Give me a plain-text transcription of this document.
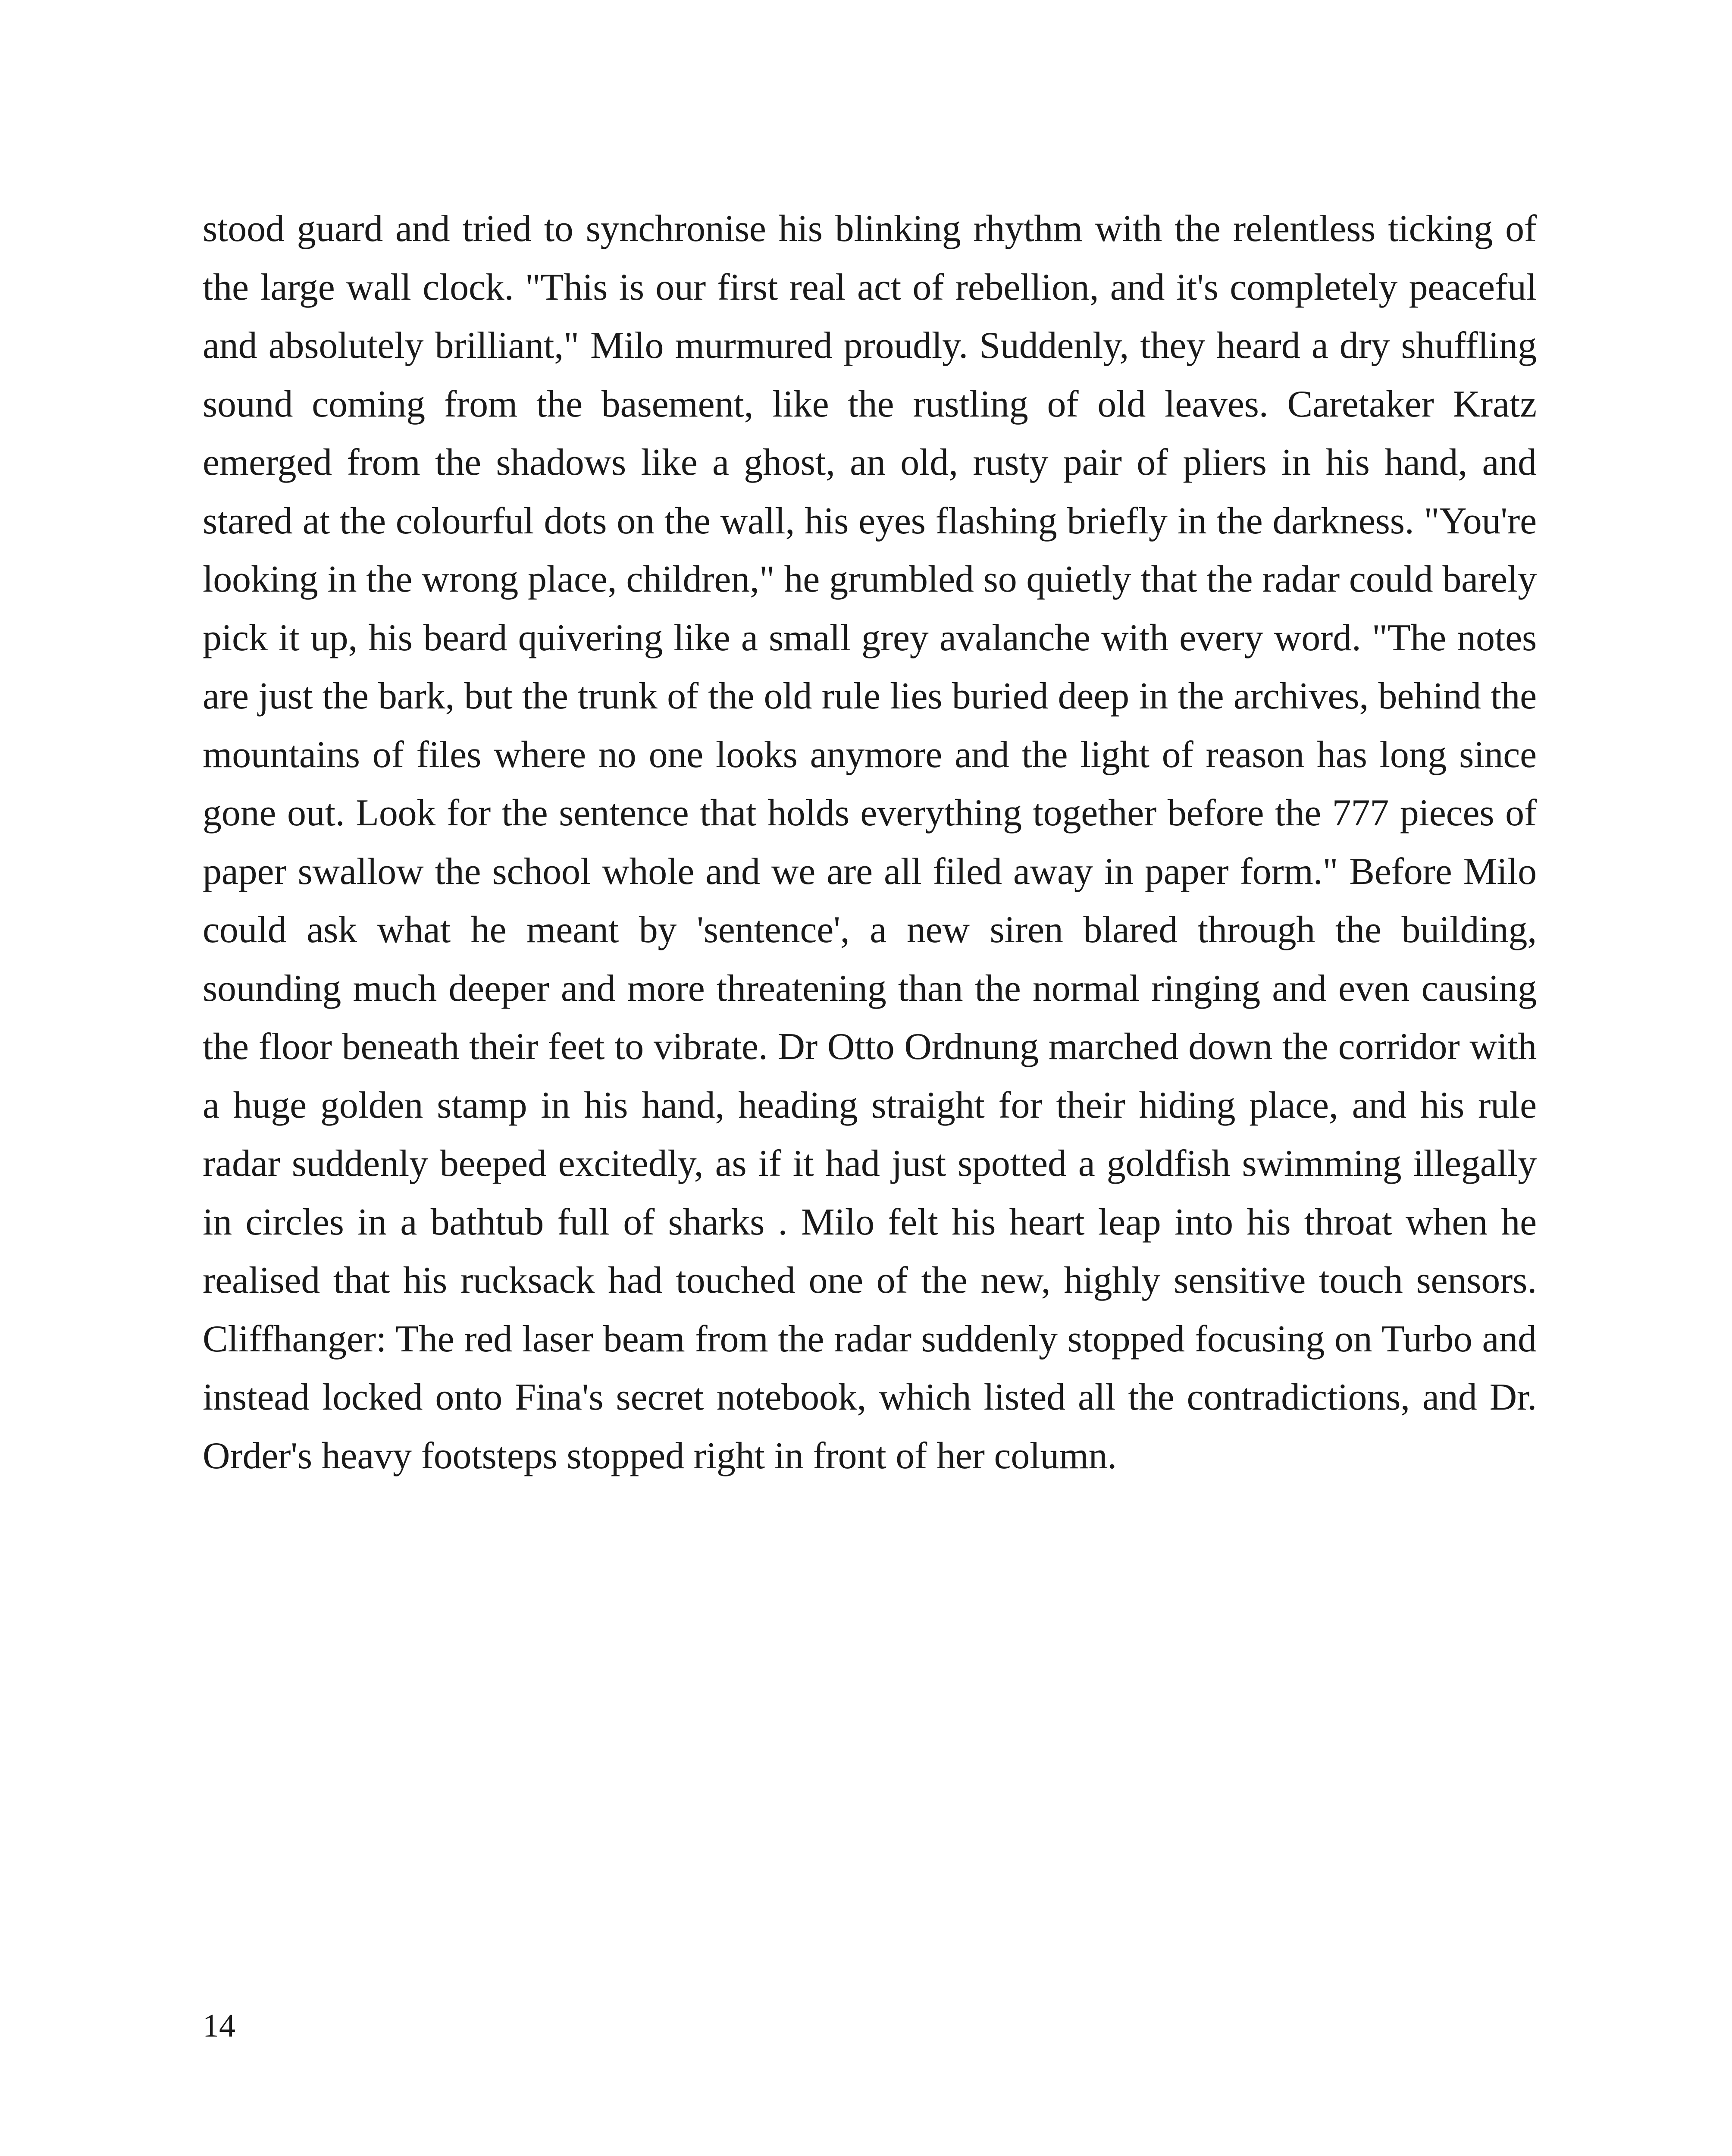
stood guard and tried to synchronise his blinking rhythm with the relentless ticking of the large wall clock. "This is our first real act of rebellion, and it's completely peaceful and absolutely brilliant," Milo murmured proudly. Suddenly, they heard a dry shuffling sound coming from the basement, like the rustling of old leaves. Caretaker Kratz emerged from the shadows like a ghost, an old, rusty pair of pliers in his hand, and stared at the colourful dots on the wall, his eyes flashing briefly in the darkness. "You're looking in the wrong place, children," he grumbled so quietly that the radar could barely pick it up, his beard quivering like a small grey avalanche with every word. "The notes are just the bark, but the trunk of the old rule lies buried deep in the archives, behind the mountains of files where no one looks anymore and the light of reason has long since gone out. Look for the sentence that holds everything together before the 777 pieces of paper swallow the school whole and we are all filed away in paper form." Before Milo could ask what he meant by 'sentence', a new siren blared through the building, sounding much deeper and more threatening than the normal ringing and even causing the floor beneath their feet to vibrate. Dr Otto Ordnung marched down the corridor with a huge golden stamp in his hand, heading straight for their hiding place, and his rule radar suddenly beeped excitedly, as if it had just spotted a goldfish swimming illegally in circles in a bathtub full of sharks . Milo felt his heart leap into his throat when he realised that his rucksack had touched one of the new, highly sensitive touch sensors. Cliffhanger: The red laser beam from the radar suddenly stopped focusing on Turbo and instead locked onto Fina's secret notebook, which listed all the contradictions, and Dr. Order's heavy footsteps stopped right in front of her column.

14
